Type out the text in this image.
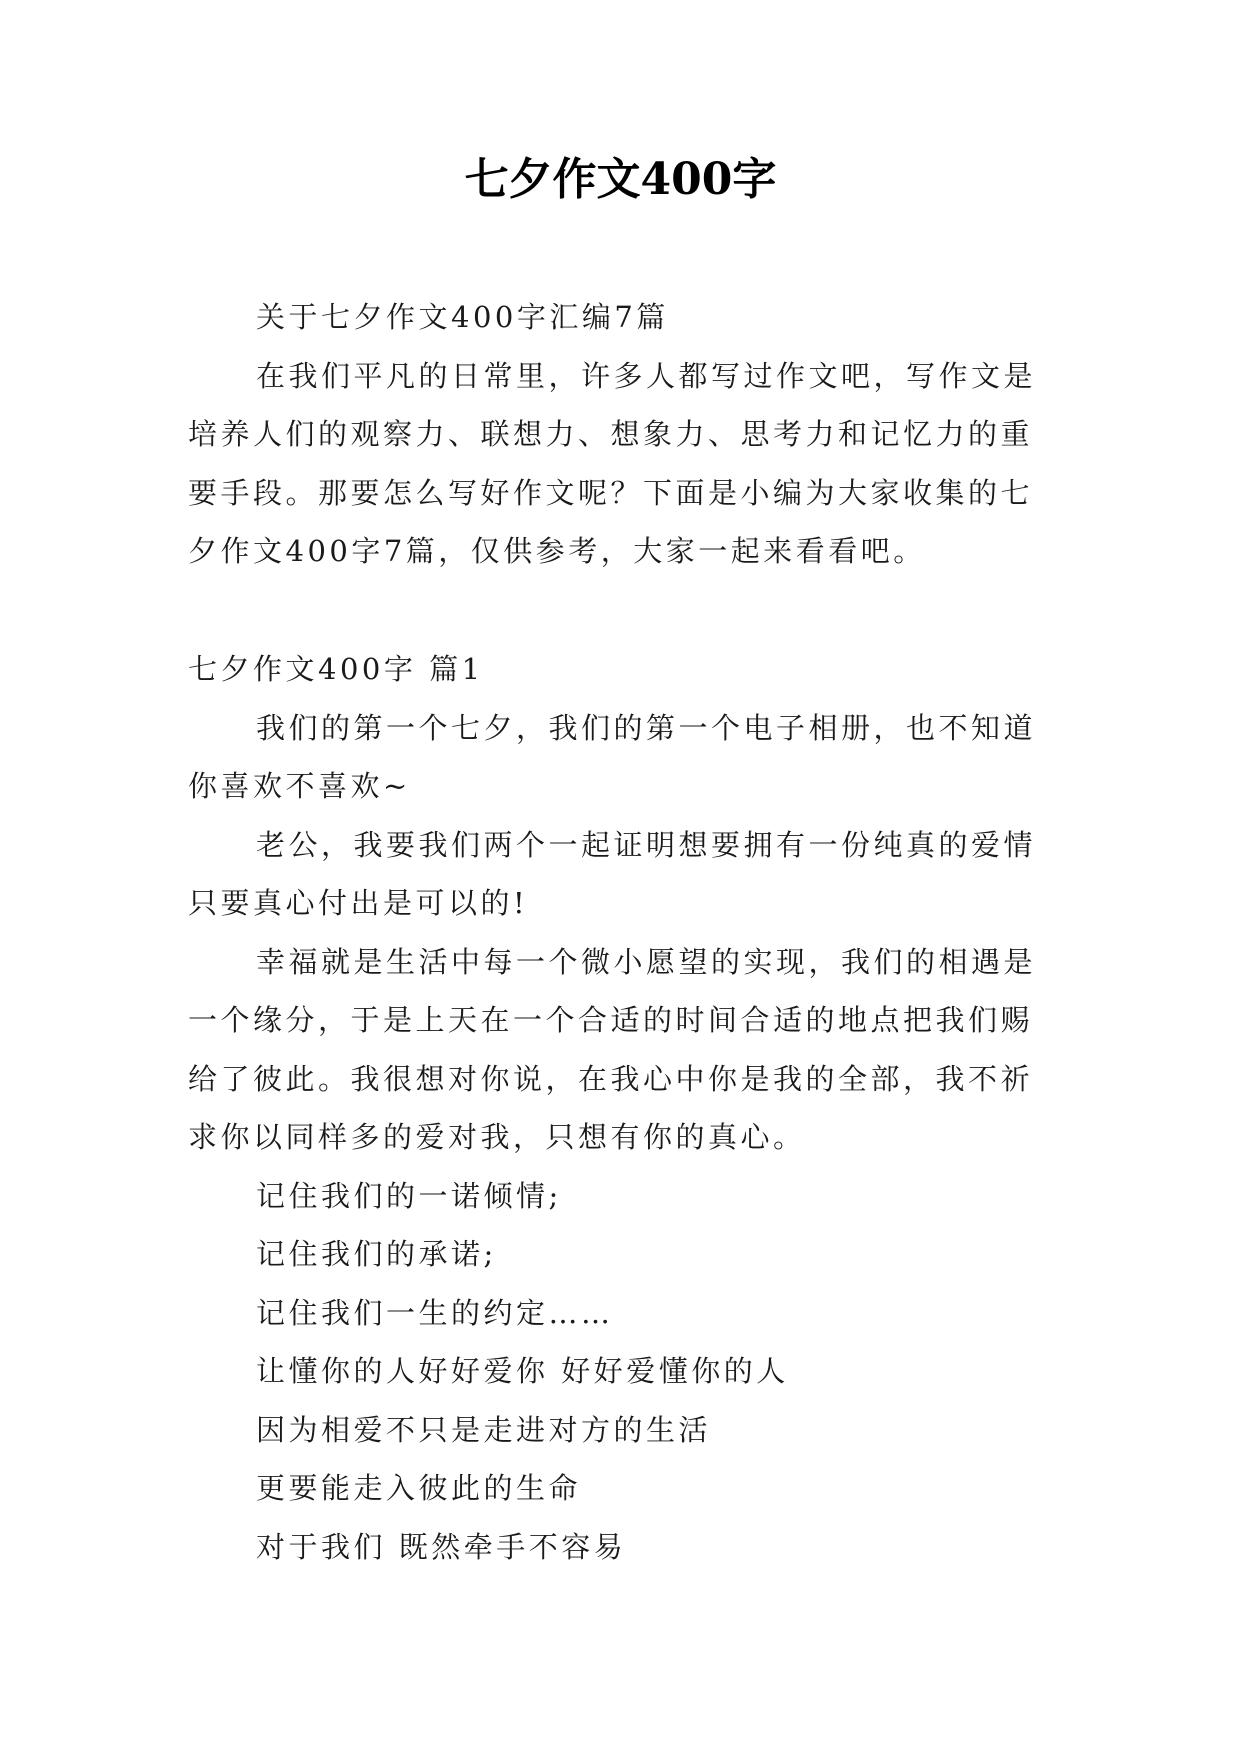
七夕作文400字

关于七夕作文400字汇编7篇

在我们平凡的日常里，许多人都写过作文吧，写作文是培养人们的观察力、联想力、想象力、思考力和记忆力的重要手段。那要怎么写好作文呢？下面是小编为大家收集的七夕作文400字7篇，仅供参考，大家一起来看看吧。

七夕作文400字 篇1

我们的第一个七夕，我们的第一个电子相册，也不知道你喜欢不喜欢~

老公，我要我们两个一起证明想要拥有一份纯真的爱情只要真心付出是可以的!

幸福就是生活中每一个微小愿望的实现，我们的相遇是一个缘分，于是上天在一个合适的时间合适的地点把我们赐给了彼此。我很想对你说，在我心中你是我的全部，我不祈求你以同样多的爱对我，只想有你的真心。

记住我们的一诺倾情;

记住我们的承诺;

记住我们一生的约定……

让懂你的人好好爱你 好好爱懂你的人

因为相爱不只是走进对方的生活

更要能走入彼此的生命

对于我们 既然牵手不容易
